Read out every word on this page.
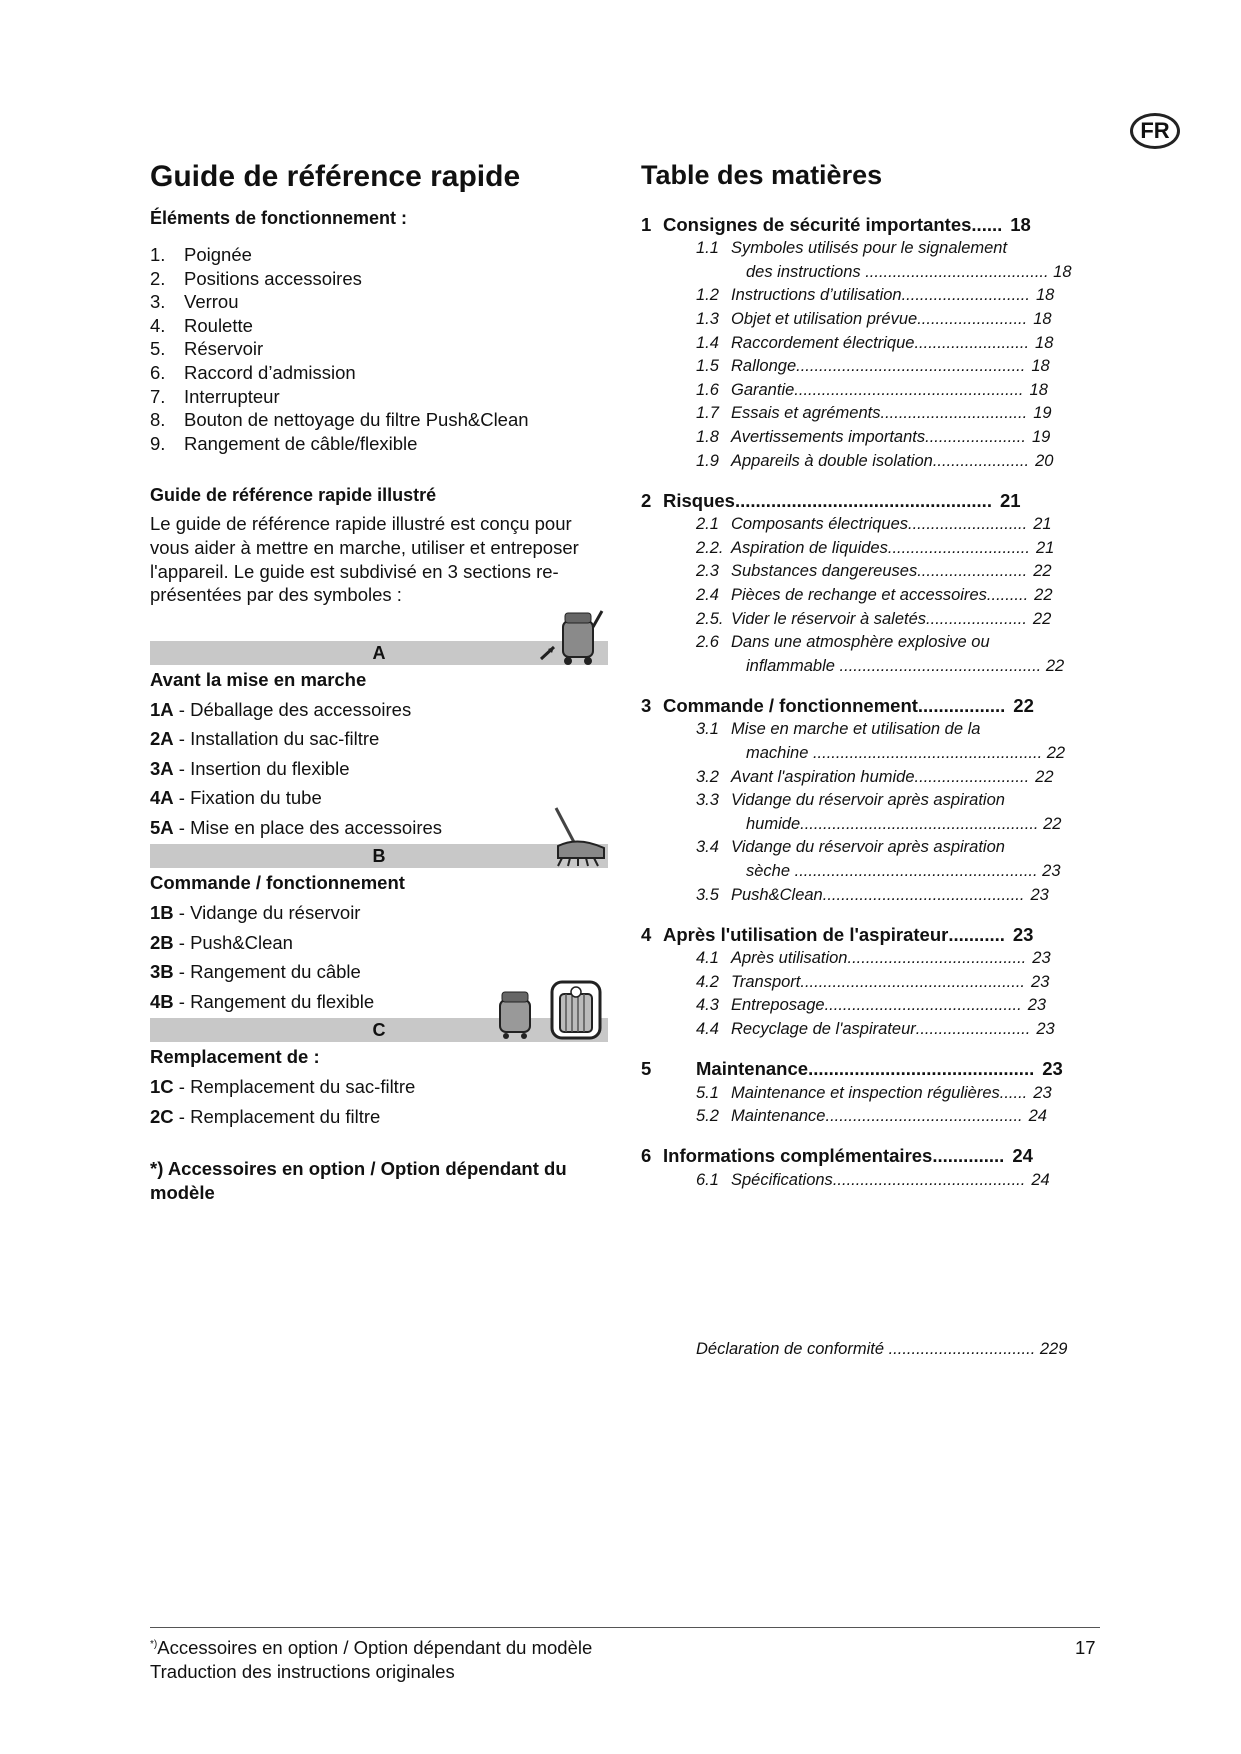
FR
Guide de référence rapide
Éléments de fonctionnement :
1. Poignée
2. Positions accessoires
3. Verrou
4. Roulette
5. Réservoir
6. Raccord d’admission
7. Interrupteur
8. Bouton de nettoyage du filtre Push&Clean
9. Rangement de câble/flexible
Guide de référence rapide illustré

Le guide de référence rapide illustré est conçu pour vous aider à mettre en marche, utiliser et entreposer l'appareil. Le guide est subdivisé en 3 sections re-présentées par des symboles :

A
Avant la mise en marche
1A - Déballage des accessoires
2A - Installation du sac-filtre
3A - Insertion du flexible
4A - Fixation du tube
5A - Mise en place des accessoires
B
Commande / fonctionnement
1B - Vidange du réservoir
2B - Push&Clean
3B - Rangement du câble
4B - Rangement du flexible
C
Remplacement de :
1C - Remplacement du sac-filtre
2C - Remplacement du filtre
*) Accessoires en option / Option dépendant du modèle
Table des matières
1 Consignes de sécurité importantes ...... 18
1.1 Symboles utilisés pour le signalement
des instructions ........................................ 18
1.2 Instructions d’utilisation ............................ 18
1.3 Objet et utilisation prévue ........................ 18
1.4 Raccordement électrique ......................... 18
1.5 Rallonge .................................................. 18
1.6 Garantie .................................................. 18
1.7 Essais et agréments ................................ 19
1.8 Avertissements importants ...................... 19
1.9 Appareils à double isolation ..................... 20
2 Risques .................................................. 21
2.1 Composants électriques .......................... 21
2.2. Aspiration de liquides ............................... 21
2.3 Substances dangereuses ........................ 22
2.4 Pièces de rechange et accessoires ......... 22
2.5. Vider le réservoir à saletés ...................... 22
2.6 Dans une atmosphère explosive ou
inflammable ............................................ 22
3 Commande / fonctionnement ................. 22
3.1 Mise en marche et utilisation de la
machine .................................................. 22
3.2 Avant l'aspiration humide ......................... 22
3.3 Vidange du réservoir après aspiration
humide.................................................... 22
3.4 Vidange du réservoir après aspiration
sèche ..................................................... 23
3.5 Push&Clean ............................................ 23
4 Après l'utilisation de l'aspirateur ........... 23
4.1 Après utilisation ....................................... 23
4.2 Transport ................................................. 23
4.3 Entreposage ........................................... 23
4.4 Recyclage de l'aspirateur ......................... 23
5	Maintenance ............................................ 23
5.1 Maintenance et inspection régulières ...... 23
5.2 Maintenance ........................................... 24
6 Informations complémentaires .............. 24
6.1 Spécifications .......................................... 24
Déclaration de conformité ................................ 229
*)Accessoires en option / Option dépendant du modèle
Traduction des instructions originales
17
